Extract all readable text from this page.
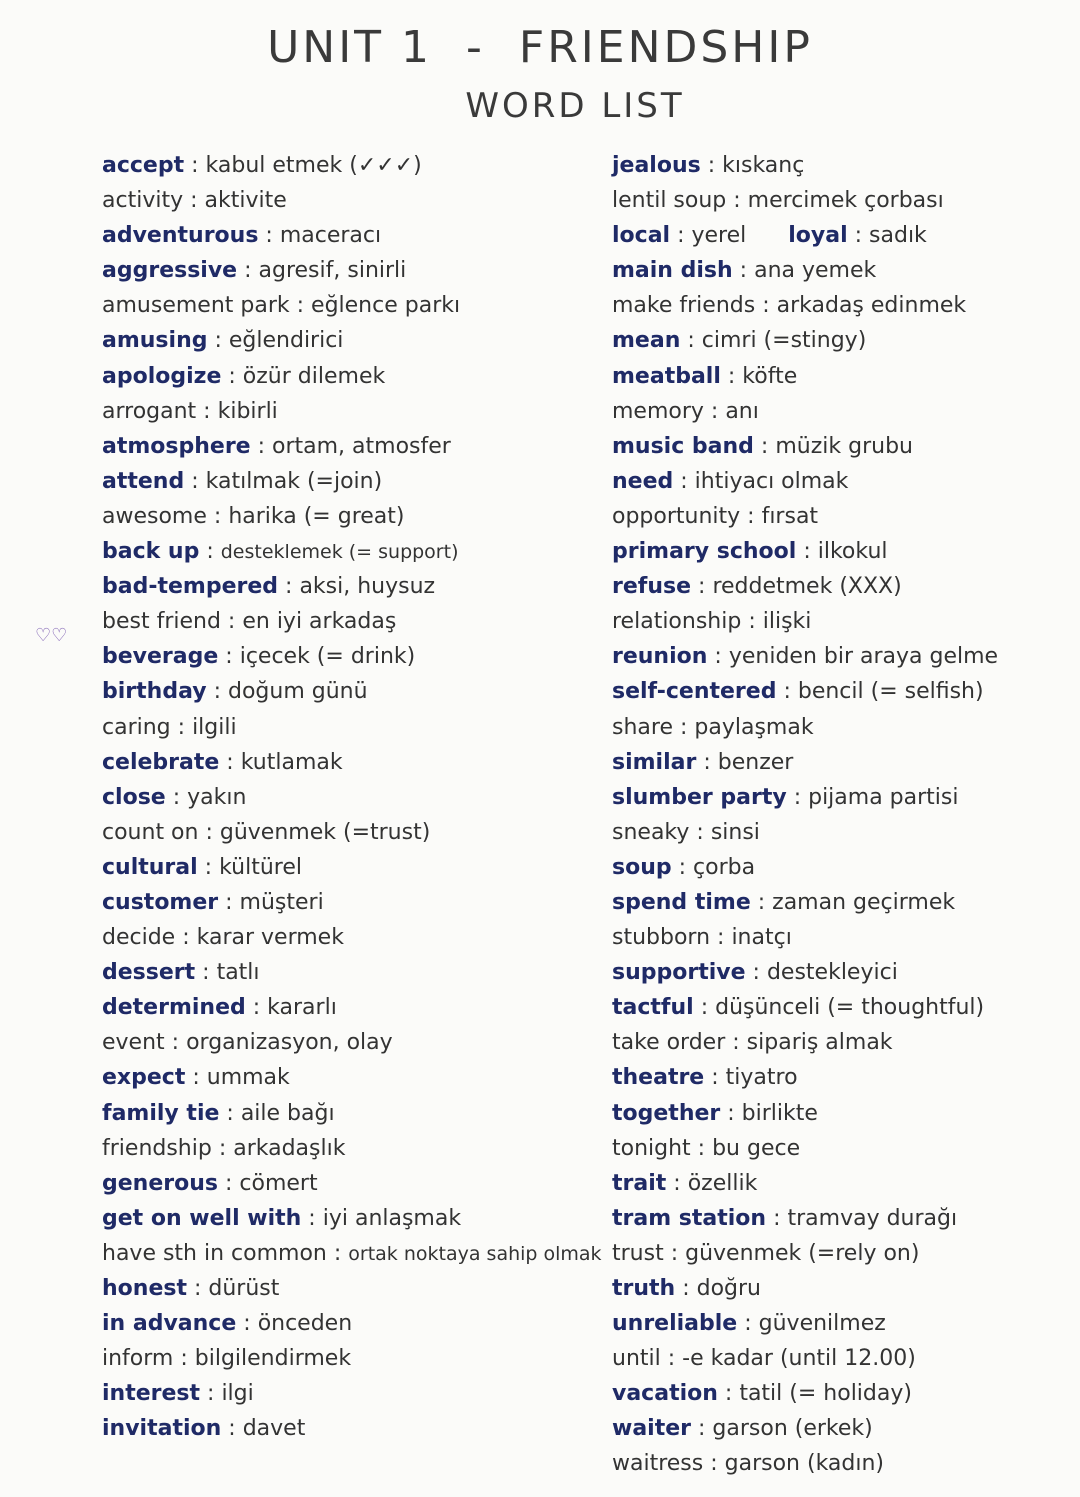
UNIT 1 - FRIENDSHIP
WORD LIST
♡♡
accept : kabul etmek (✓✓✓)
activity : aktivite
adventurous : maceracı
aggressive : agresif, sinirli
amusement park : eğlence parkı
amusing : eğlendirici
apologize : özür dilemek
arrogant : kibirli
atmosphere : ortam, atmosfer
attend : katılmak (=join)
awesome : harika (= great)
back up : desteklemek (= support)
bad-tempered : aksi, huysuz
best friend : en iyi arkadaş
beverage : içecek (= drink)
birthday : doğum günü
caring : ilgili
celebrate : kutlamak
close : yakın
count on : güvenmek (=trust)
cultural : kültürel
customer : müşteri
decide : karar vermek
dessert : tatlı
determined : kararlı
event : organizasyon, olay
expect : ummak
family tie : aile bağı
friendship : arkadaşlık
generous : cömert
get on well with : iyi anlaşmak
have sth in common : ortak noktaya sahip olmak
honest : dürüst
in advance : önceden
inform : bilgilendirmek
interest : ilgi
invitation : davet
jealous : kıskanç
lentil soup : mercimek çorbası
local : yerel loyal : sadık
main dish : ana yemek
make friends : arkadaş edinmek
mean : cimri (=stingy)
meatball : köfte
memory : anı
music band : müzik grubu
need : ihtiyacı olmak
opportunity : fırsat
primary school : ilkokul
refuse : reddetmek (XXX)
relationship : ilişki
reunion : yeniden bir araya gelme
self-centered : bencil (= selfish)
share : paylaşmak
similar : benzer
slumber party : pijama partisi
sneaky : sinsi
soup : çorba
spend time : zaman geçirmek
stubborn : inatçı
supportive : destekleyici
tactful : düşünceli (= thoughtful)
take order : sipariş almak
theatre : tiyatro
together : birlikte
tonight : bu gece
trait : özellik
tram station : tramvay durağı
trust : güvenmek (=rely on)
truth : doğru
unreliable : güvenilmez
until : -e kadar (until 12.00)
vacation : tatil (= holiday)
waiter : garson (erkek)
waitress : garson (kadın)
